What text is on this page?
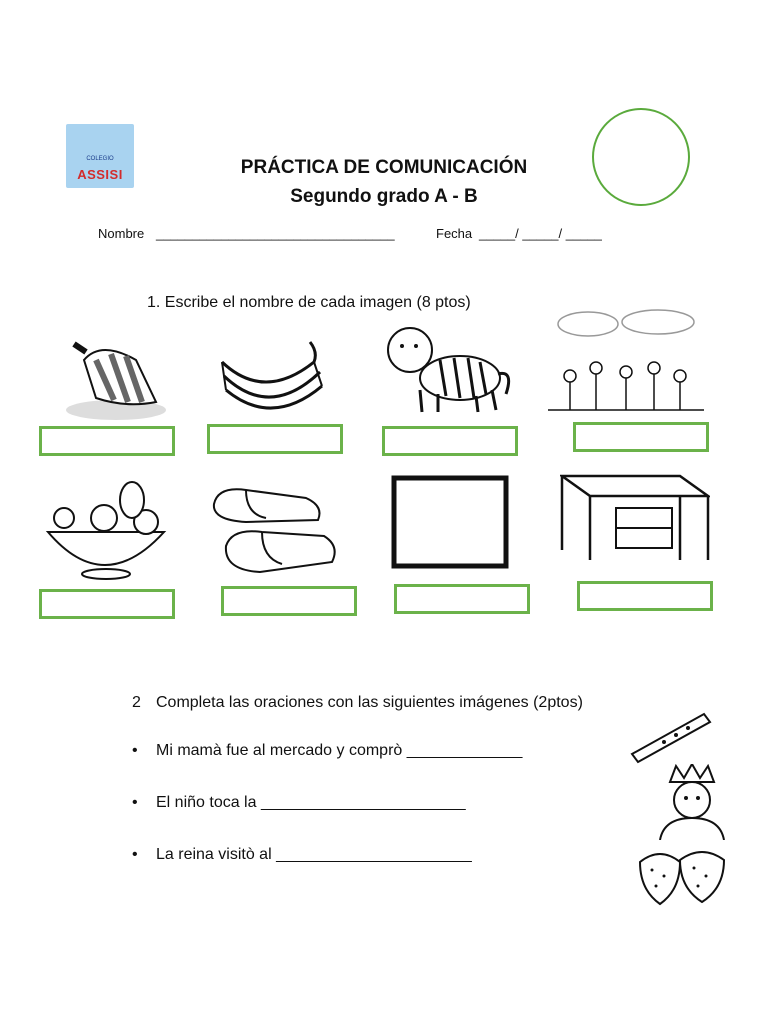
COLEGIO
ASSISI	PRÁCTICA DE COMUNICACIÓN
Segundo grado A - B
Nombre _________________________________	Fecha _____/ _____/ _____
1. Escribe el nombre de cada imagen (8 ptos)
2 Completa las oraciones con las siguientes imágenes (2ptos)
• Mi mamà fue al mercado y comprò _____________
• El niño toca la _______________________
• La reina visitò al ______________________
